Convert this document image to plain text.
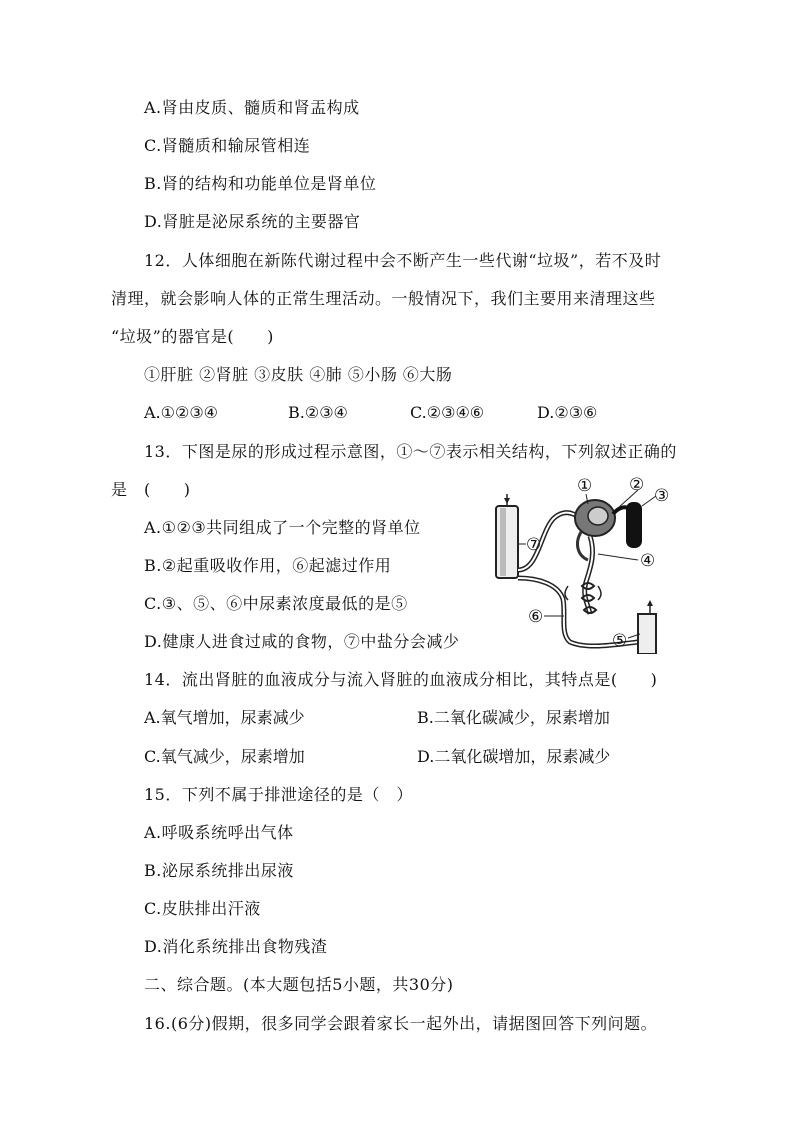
A.肾由皮质、髓质和肾盂构成
C.肾髓质和输尿管相连
B.肾的结构和功能单位是肾单位
D.肾脏是泌尿系统的主要器官
12．人体细胞在新陈代谢过程中会不断产生一些代谢“垃圾”，若不及时
清理，就会影响人体的正常生理活动。一般情况下，我们主要用来清理这些
“垃圾”的器官是(　　)
①肝脏 ②肾脏 ③皮肤 ④肺 ⑤小肠 ⑥大肠
A.①②③④	B.②③④	C.②③④⑥	D.②③⑥
13．下图是尿的形成过程示意图，①～⑦表示相关结构，下列叙述正确的
是　(　　)
A.①②③共同组成了一个完整的肾单位
B.②起重吸收作用，⑥起滤过作用
C.③、⑤、⑥中尿素浓度最低的是⑤
D.健康人进食过咸的食物，⑦中盐分会减少
① ②
③
④
⑤
⑥
⑦
14．流出肾脏的血液成分与流入肾脏的血液成分相比，其特点是(　　)
A.氧气增加，尿素减少	B.二氧化碳减少，尿素增加
C.氧气减少，尿素增加	D.二氧化碳增加，尿素减少
15．下列不属于排泄途径的是（　）
A.呼吸系统呼出气体
B.泌尿系统排出尿液
C.皮肤排出汗液
D.消化系统排出食物残渣
二、综合题。(本大题包括5小题，共30分)
16.(6分)假期，很多同学会跟着家长一起外出，请据图回答下列问题。
